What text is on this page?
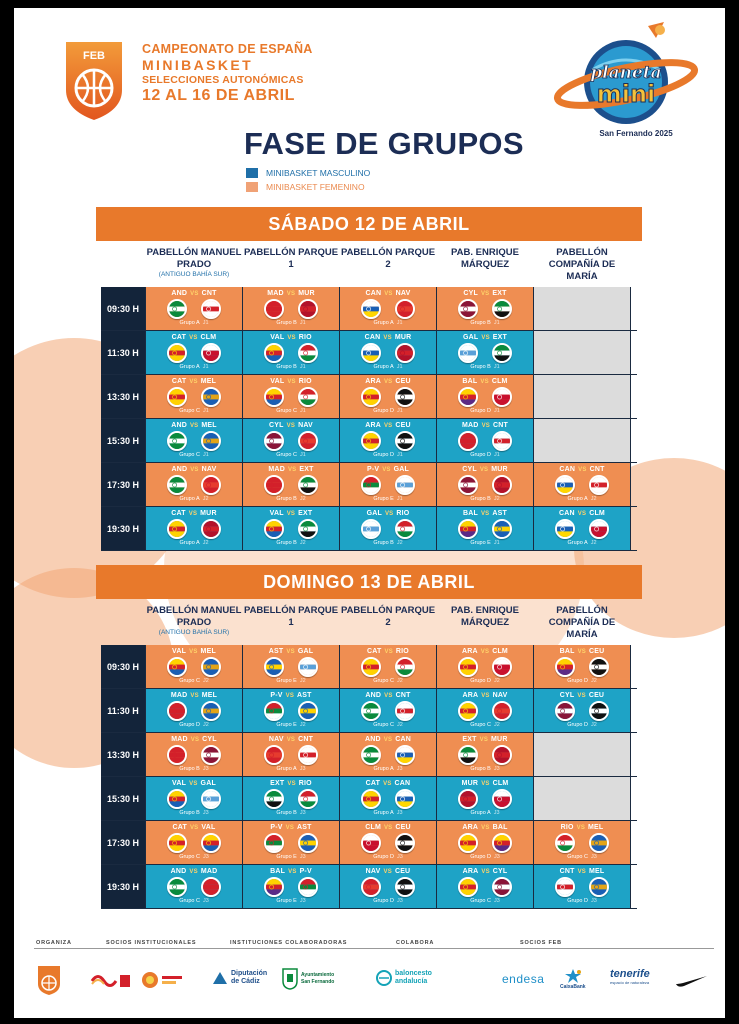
FEB	CAMPEONATO DE ESPAÑA
MINIBASKET
SELECCIONES AUTONÓMICAS
12 AL 16 DE ABRIL
planeta
mini
San Fernando 2025
FASE DE GRUPOS
MINIBASKET MASCULINO
MINIBASKET FEMENINO
SÁBADO 12 DE ABRIL
PABELLÓN MANUEL PRADO
(ANTIGUO BAHÍA SUR)
PABELLÓN PARQUE 1
PABELLÓN PARQUE 2
PAB. ENRIQUE MÁRQUEZ
PABELLÓN COMPAÑÍA DE MARÍA
09:30 H
AND VS CNT
Grupo A J1
MAD VS MUR
Grupo B J1
CAN VS NAV
Grupo A J1
CYL VS EXT
Grupo B J1
11:30 H
CAT VS CLM
Grupo A J1
VAL VS RIO
Grupo B J1
CAN VS MUR
Grupo A J1
GAL VS EXT
Grupo B J1
13:30 H
CAT VS MEL
Grupo C J1
VAL VS RIO
Grupo C J1
ARA VS CEU
Grupo D J1
BAL VS CLM
Grupo D J1
15:30 H
AND VS MEL
Grupo C J1
CYL VS NAV
Grupo C J1
ARA VS CEU
Grupo D J1
MAD VS CNT
Grupo D J1
17:30 H
AND VS NAV
Grupo A J2
MAD VS EXT
Grupo B J2
P-V VS GAL
Grupo E J1
CYL VS MUR
Grupo B J2
CAN VS CNT
Grupo A J2
19:30 H
CAT VS MUR
Grupo A J2
VAL VS EXT
Grupo B J2
GAL VS RIO
Grupo B J2
BAL VS AST
Grupo E J1
CAN VS CLM
Grupo A J2
DOMINGO 13 DE ABRIL
PABELLÓN MANUEL PRADO
(ANTIGUO BAHÍA SUR)
PABELLÓN PARQUE 1
PABELLÓN PARQUE 2
PAB. ENRIQUE MÁRQUEZ
PABELLÓN COMPAÑÍA DE MARÍA
09:30 H
VAL VS MEL
Grupo C J2
AST VS GAL
Grupo E J2
CAT VS RIO
Grupo C J2
ARA VS CLM
Grupo D J2
BAL VS CEU
Grupo D J2
11:30 H
MAD VS MEL
Grupo D J2
P-V VS AST
Grupo E J2
AND VS CNT
Grupo C J2
ARA VS NAV
Grupo C J2
CYL VS CEU
Grupo D J2
13:30 H
MAD VS CYL
Grupo B J3
NAV VS CNT
Grupo A J3
AND VS CAN
Grupo A J3
EXT VS MUR
Grupo B J3
15:30 H
VAL VS GAL
Grupo B J3
EXT VS RIO
Grupo B J3
CAT VS CAN
Grupo A J3
MUR VS CLM
Grupo A J3
17:30 H
CAT VS VAL
Grupo C J3
P-V VS AST
Grupo E J3
CLM VS CEU
Grupo D J3
ARA VS BAL
Grupo D J3
RIO VS MEL
Grupo C J3
19:30 H
AND VS MAD
Grupo C J3
BAL VS P-V
Grupo E J3
NAV VS CEU
Grupo D J3
ARA VS CYL
Grupo C J3
CNT VS MEL
Grupo D J3
ORGANIZA	SOCIOS INSTITUCIONALES	INSTITUCIONES COLABORADORAS	COLABORA	SOCIOS FEB
Diputación
de Cádiz
Ayuntamiento
San Fernando
baloncesto
andalucía	endesa
CaixaBank
tenerife
espacio de naturaleza
